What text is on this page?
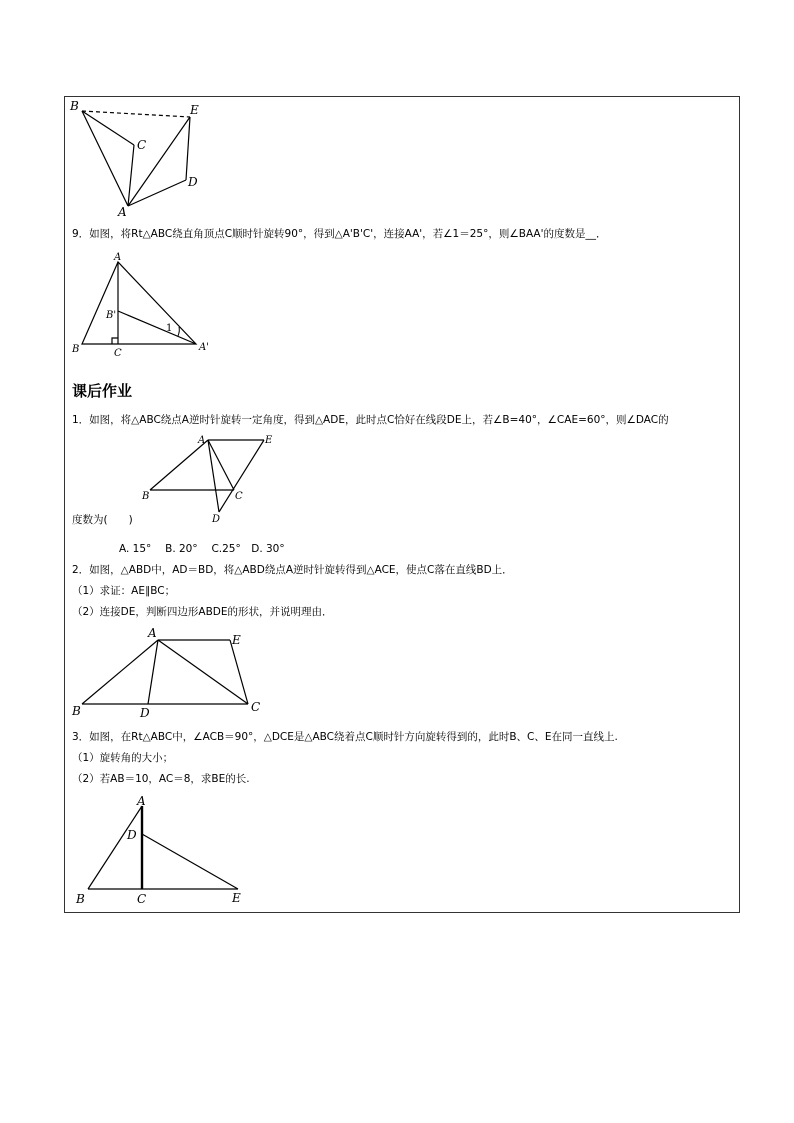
B
C
E
D
A
9．如图，将Rt△ABC绕直角顶点C顺时针旋转90°，得到△A'B'C'，连接AA'，若∠1＝25°，则∠BAA'的度数是__．
A
B'
B	C
A'
1
课后作业
1．如图，将△ABC绕点A逆时针旋转一定角度，得到△ADE，此时点C恰好在线段DE上，若∠B=40°，∠CAE=60°，则∠DAC的
A	E
B	C
D
度数为(　　)
A. 15°　 B. 20°　 C.25°　D. 30°
2．如图，△ABD中，AD＝BD，将△ABD绕点A逆时针旋转得到△ACE，使点C落在直线BD上．
（1）求证：AE∥BC；
（2）连接DE，判断四边形ABDE的形状，并说明理由．
A	E
B	D	C
3．如图，在Rt△ABC中，∠ACB＝90°，△DCE是△ABC绕着点C顺时针方向旋转得到的，此时B、C、E在同一直线上.
（1）旋转角的大小；
（2）若AB＝10，AC＝8，求BE的长.
A
D
B	C	E
